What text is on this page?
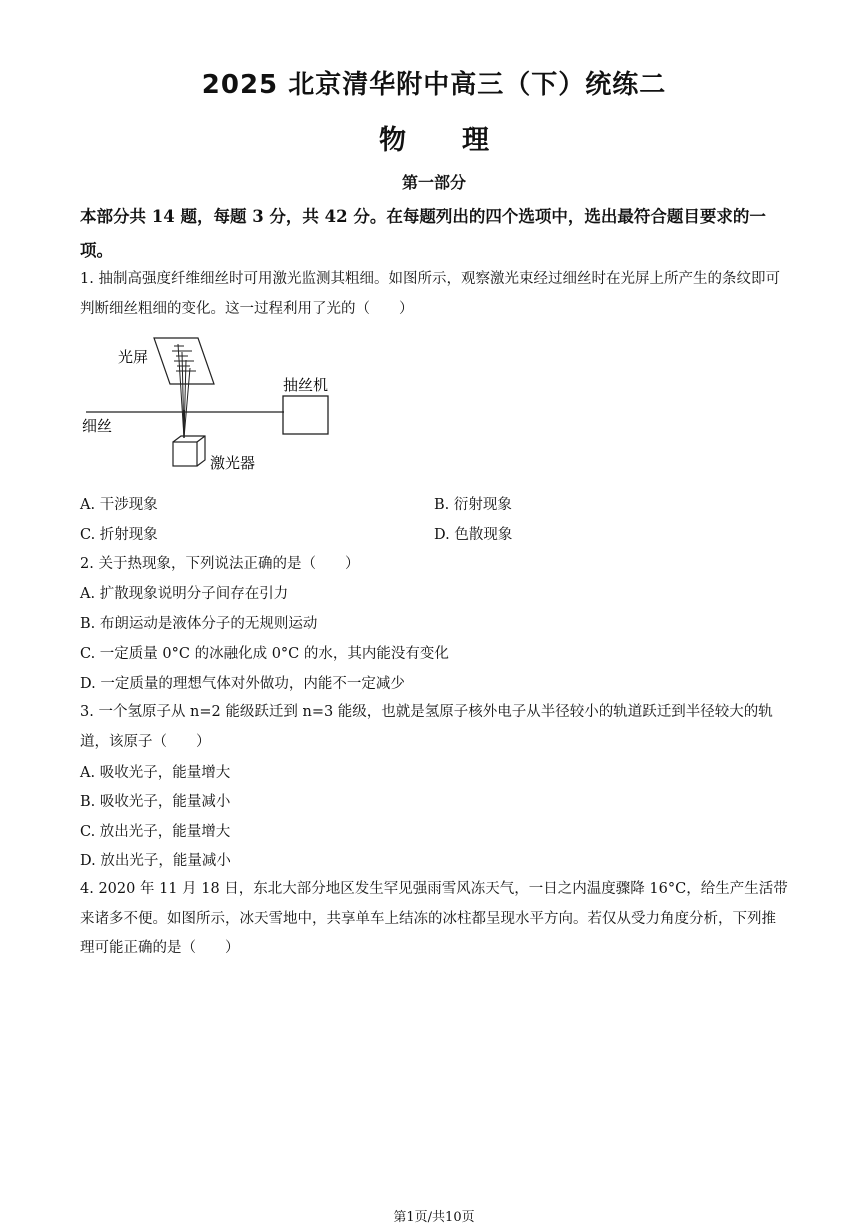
2025 北京清华附中高三（下）统练二
物理
第一部分
本部分共 14 题，每题 3 分，共 42 分。在每题列出的四个选项中，选出最符合题目要求的一项。
1. 抽制高强度纤维细丝时可用激光监测其粗细。如图所示，观察激光束经过细丝时在光屏上所产生的条纹即可判断细丝粗细的变化。这一过程利用了光的（　　）
光屏
抽丝机
细丝
激光器
A. 干涉现象	B. 衍射现象
C. 折射现象	D. 色散现象
2. 关于热现象，下列说法正确的是（　　）
A. 扩散现象说明分子间存在引力
B. 布朗运动是液体分子的无规则运动
C. 一定质量 0°C 的冰融化成 0°C 的水，其内能没有变化
D. 一定质量的理想气体对外做功，内能不一定减少
3. 一个氢原子从 n=2 能级跃迁到 n=3 能级，也就是氢原子核外电子从半径较小的轨道跃迁到半径较大的轨道，该原子（　　）
A. 吸收光子，能量增大
B. 吸收光子，能量减小
C. 放出光子，能量增大
D. 放出光子，能量减小
4. 2020 年 11 月 18 日，东北大部分地区发生罕见强雨雪风冻天气，一日之内温度骤降 16°C，给生产生活带来诸多不便。如图所示，冰天雪地中，共享单车上结冻的冰柱都呈现水平方向。若仅从受力角度分析，下列推理可能正确的是（　　）
第1页/共10页
